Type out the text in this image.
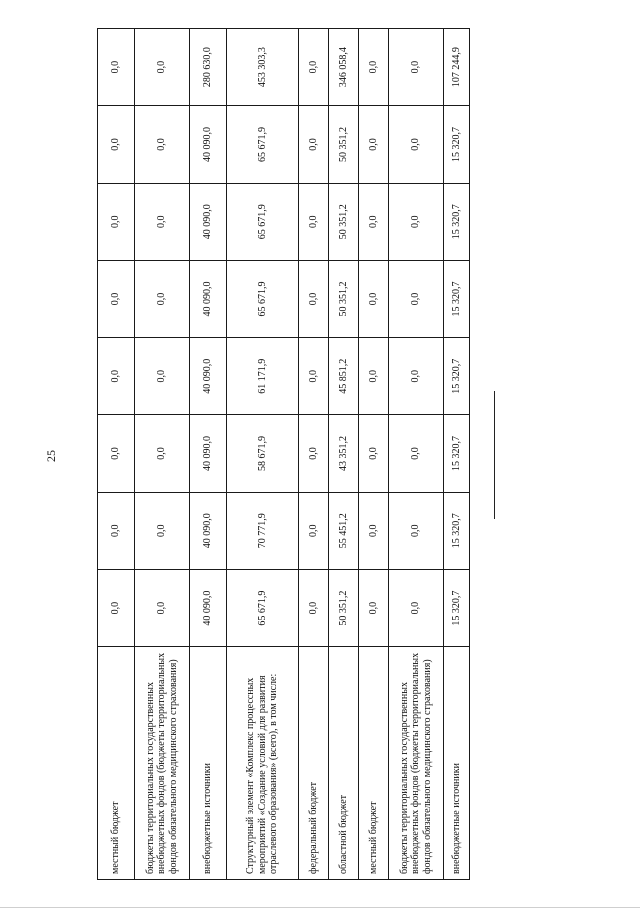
25
местный бюджет	0,0	0,0	0,0	0,0	0,0	0,0	0,0	0,0
бюджеты территориальных государственных внебюджетных фондов (бюджеты территориальных фондов обязательного медицинского страхования)	0,0	0,0	0,0	0,0	0,0	0,0	0,0	0,0
внебюджетные источники	40 090,0	40 090,0	40 090,0	40 090,0	40 090,0	40 090,0	40 090,0	280 630,0
Структурный элемент «Комплекс процессных мероприятий «Создание условий для развития отраслевого образования» (всего), в том числе:	65 671,9	70 771,9	58 671,9	61 171,9	65 671,9	65 671,9	65 671,9	453 303,3
федеральный бюджет	0,0	0,0	0,0	0,0	0,0	0,0	0,0	0,0
областной бюджет	50 351,2	55 451,2	43 351,2	45 851,2	50 351,2	50 351,2	50 351,2	346 058,4
местный бюджет	0,0	0,0	0,0	0,0	0,0	0,0	0,0	0,0
бюджеты территориальных государственных внебюджетных фондов (бюджеты территориальных фондов обязательного медицинского страхования)	0,0	0,0	0,0	0,0	0,0	0,0	0,0	0,0
внебюджетные источники	15 320,7	15 320,7	15 320,7	15 320,7	15 320,7	15 320,7	15 320,7	107 244,9
